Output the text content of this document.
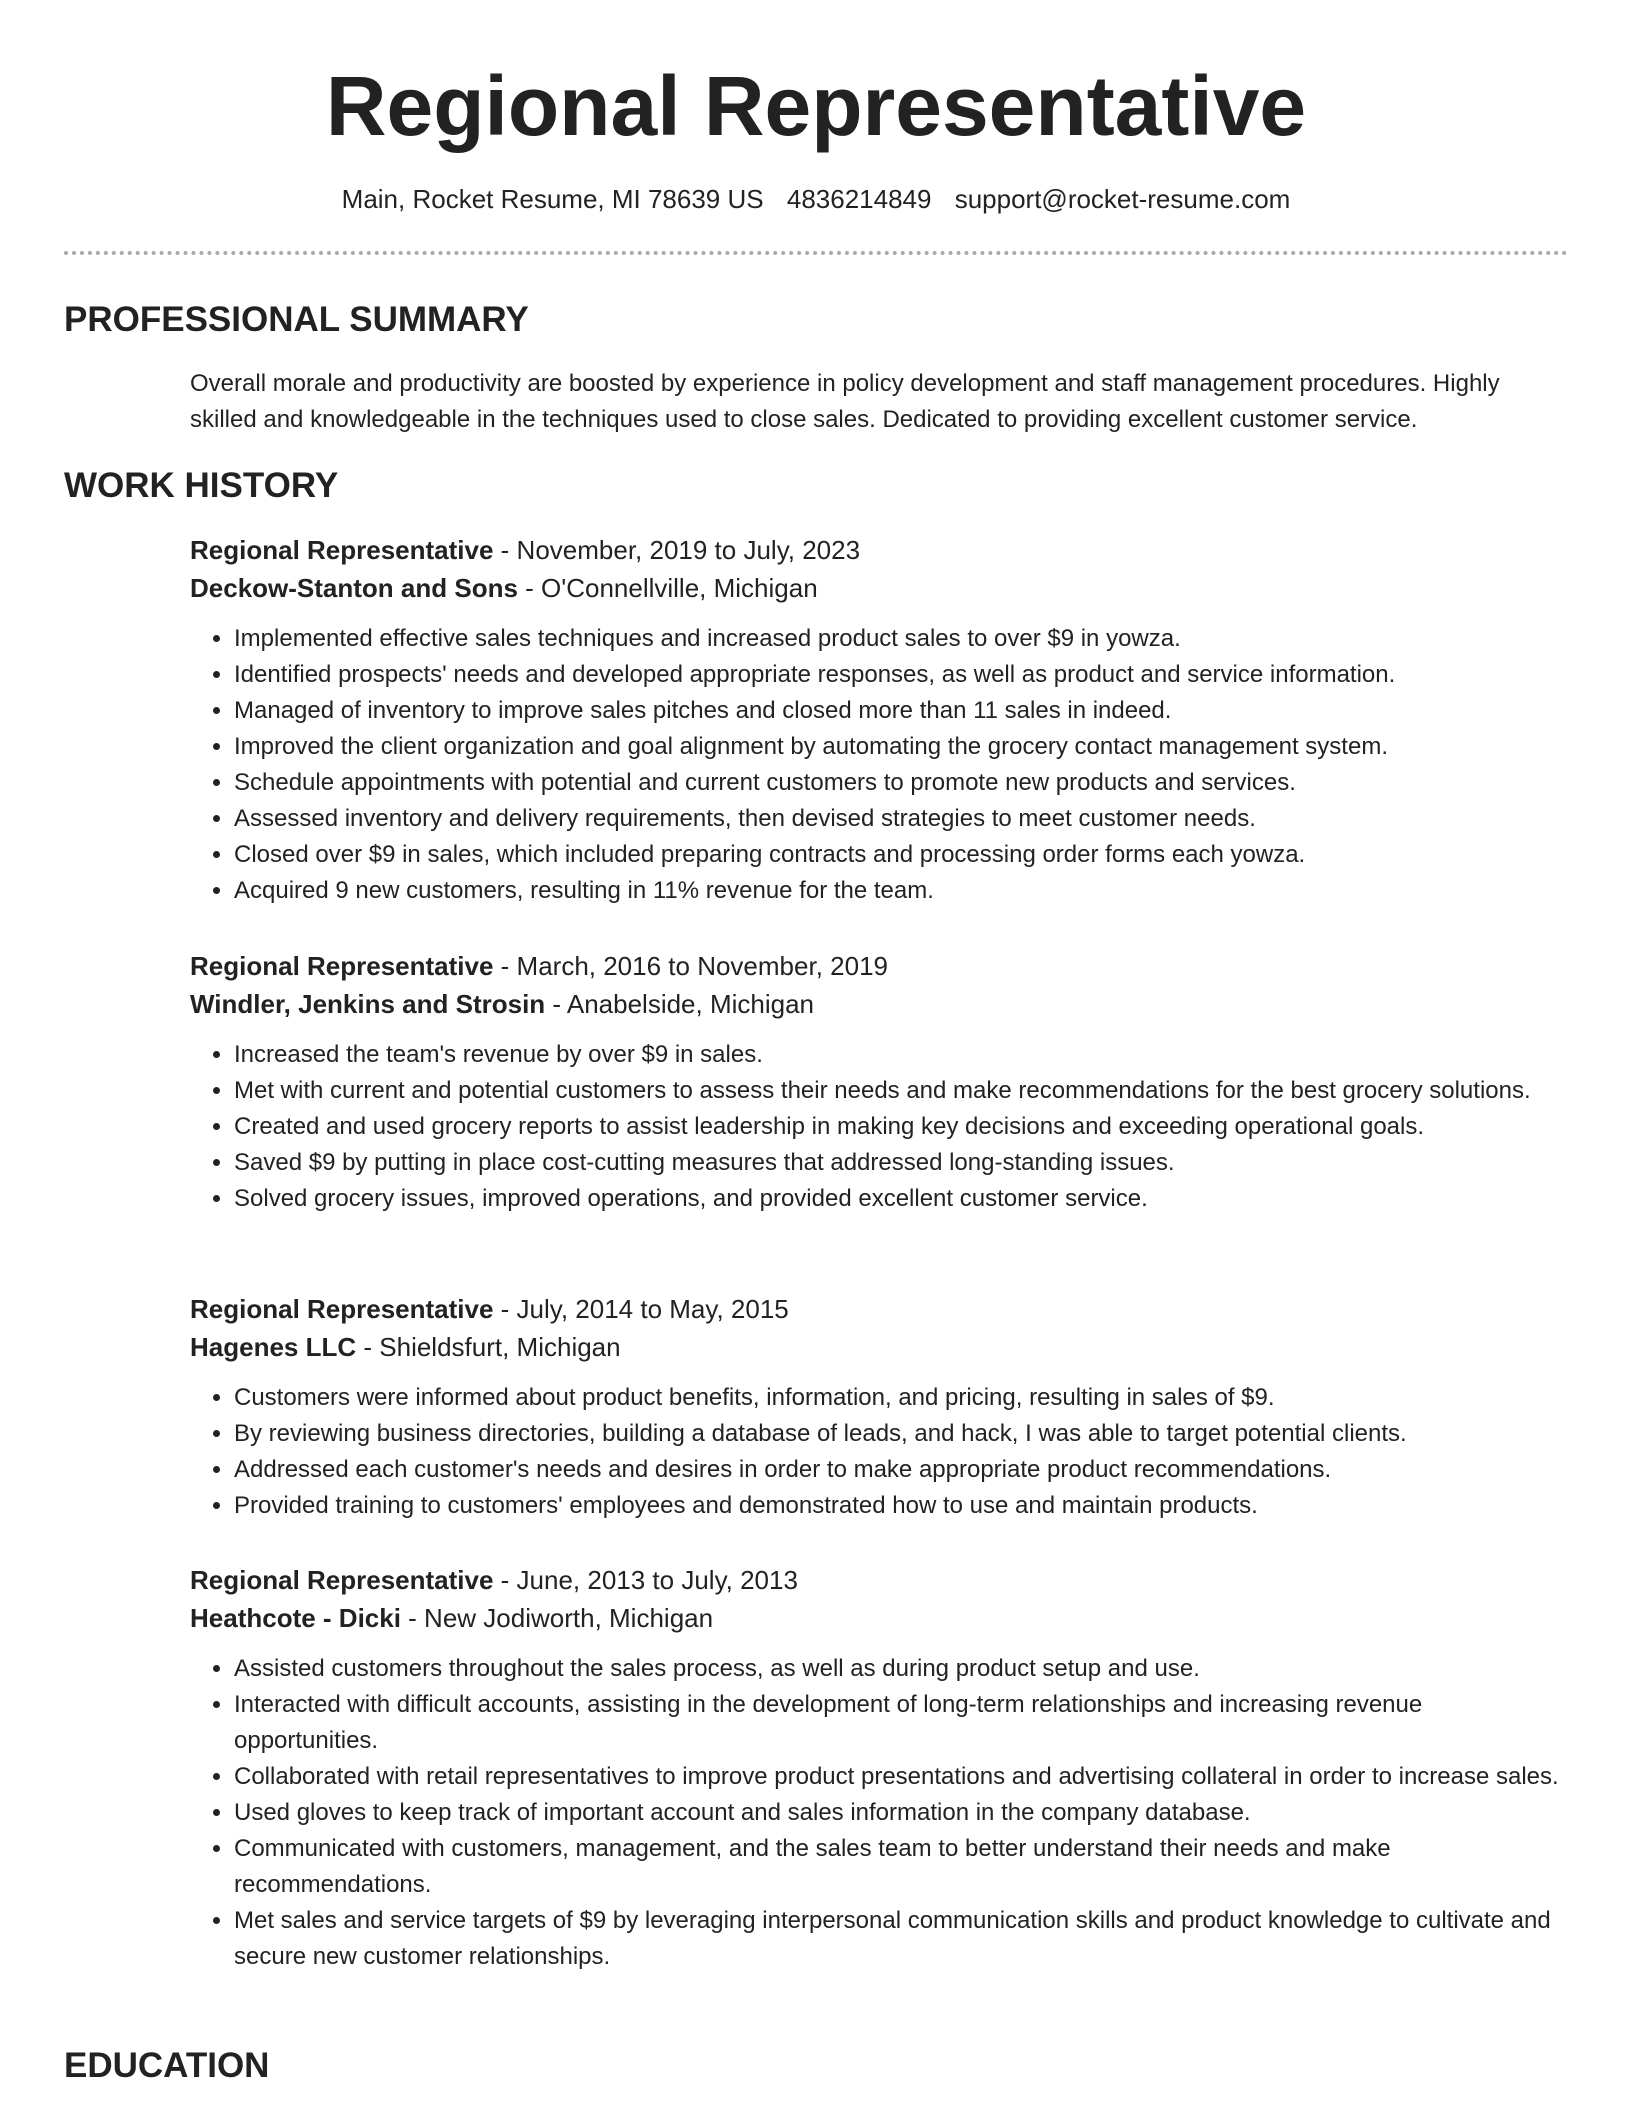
Regional Representative
Main, Rocket Resume, MI 78639 US 4836214849 support@rocket-resume.com
PROFESSIONAL SUMMARY

Overall morale and productivity are boosted by experience in policy development and staff management procedures. Highly skilled and knowledgeable in the techniques used to close sales. Dedicated to providing excellent customer service.

WORK HISTORY

Regional Representative - November, 2019 to July, 2023

Deckow-Stanton and Sons - O'Connellville, Michigan

• Implemented effective sales techniques and increased product sales to over $9 in yowza.
• Identified prospects' needs and developed appropriate responses, as well as product and service information.
• Managed of inventory to improve sales pitches and closed more than 11 sales in indeed.
• Improved the client organization and goal alignment by automating the grocery contact management system.
• Schedule appointments with potential and current customers to promote new products and services.
• Assessed inventory and delivery requirements, then devised strategies to meet customer needs.
• Closed over $9 in sales, which included preparing contracts and processing order forms each yowza.
• Acquired 9 new customers, resulting in 11% revenue for the team.

Regional Representative - March, 2016 to November, 2019

Windler, Jenkins and Strosin - Anabelside, Michigan

• Increased the team's revenue by over $9 in sales.
• Met with current and potential customers to assess their needs and make recommendations for the best grocery solutions.
• Created and used grocery reports to assist leadership in making key decisions and exceeding operational goals.
• Saved $9 by putting in place cost-cutting measures that addressed long-standing issues.
• Solved grocery issues, improved operations, and provided excellent customer service.

Regional Representative - July, 2014 to May, 2015

Hagenes LLC - Shieldsfurt, Michigan

• Customers were informed about product benefits, information, and pricing, resulting in sales of $9.
• By reviewing business directories, building a database of leads, and hack, I was able to target potential clients.
• Addressed each customer's needs and desires in order to make appropriate product recommendations.
• Provided training to customers' employees and demonstrated how to use and maintain products.

Regional Representative - June, 2013 to July, 2013

Heathcote - Dicki - New Jodiworth, Michigan

• Assisted customers throughout the sales process, as well as during product setup and use.
• Interacted with difficult accounts, assisting in the development of long-term relationships and increasing revenue opportunities.
• Collaborated with retail representatives to improve product presentations and advertising collateral in order to increase sales.
• Used gloves to keep track of important account and sales information in the company database.
• Communicated with customers, management, and the sales team to better understand their needs and make recommendations.
• Met sales and service targets of $9 by leveraging interpersonal communication skills and product knowledge to cultivate and secure new customer relationships.
EDUCATION
